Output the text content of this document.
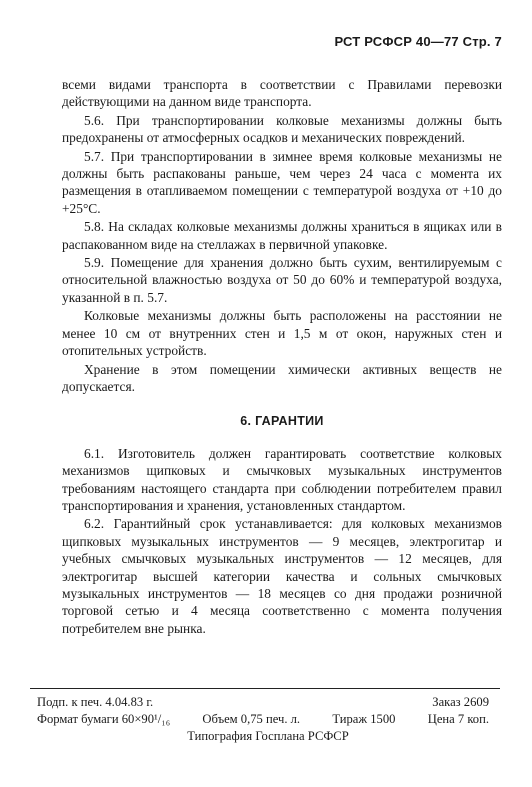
РСТ РСФСР 40—77 Стр. 7

всеми видами транспорта в соответствии с Правилами перевозки действующими на данном виде транспорта.

5.6. При транспортировании колковые механизмы должны быть предохранены от атмосферных осадков и механических повреждений.

5.7. При транспортировании в зимнее время колковые механизмы не должны быть распакованы раньше, чем через 24 часа с момента их размещения в отапливаемом помещении с температурой воздуха от +10 до +25°С.

5.8. На складах колковые механизмы должны храниться в ящиках или в распакованном виде на стеллажах в первичной упаковке.

5.9. Помещение для хранения должно быть сухим, вентилируемым с относительной влажностью воздуха от 50 до 60% и температурой воздуха, указанной в п. 5.7.

Колковые механизмы должны быть расположены на расстоянии не менее 10 см от внутренних стен и 1,5 м от окон, наружных стен и отопительных устройств.

Хранение в этом помещении химически активных веществ не допускается.

6. ГАРАНТИИ

6.1. Изготовитель должен гарантировать соответствие колковых механизмов щипковых и смычковых музыкальных инструментов требованиям настоящего стандарта при соблюдении потребителем правил транспортирования и хранения, установленных стандартом.

6.2. Гарантийный срок устанавливается: для колковых механизмов щипковых музыкальных инструментов — 9 месяцев, электрогитар и учебных смычковых музыкальных инструментов — 12 месяцев, для электрогитар высшей категории качества и сольных смычковых музыкальных инструментов — 18 месяцев со дня продажи розничной торговой сетью и 4 месяца соответственно с момента получения потребителем вне рынка.

Подп. к печ. 4.04.83 г.	Заказ 2609
Формат бумаги 60×90¹/₁₆	Объем 0,75 печ. л.	Тираж 1500	Цена 7 коп.
Типография Госплана РСФСР
